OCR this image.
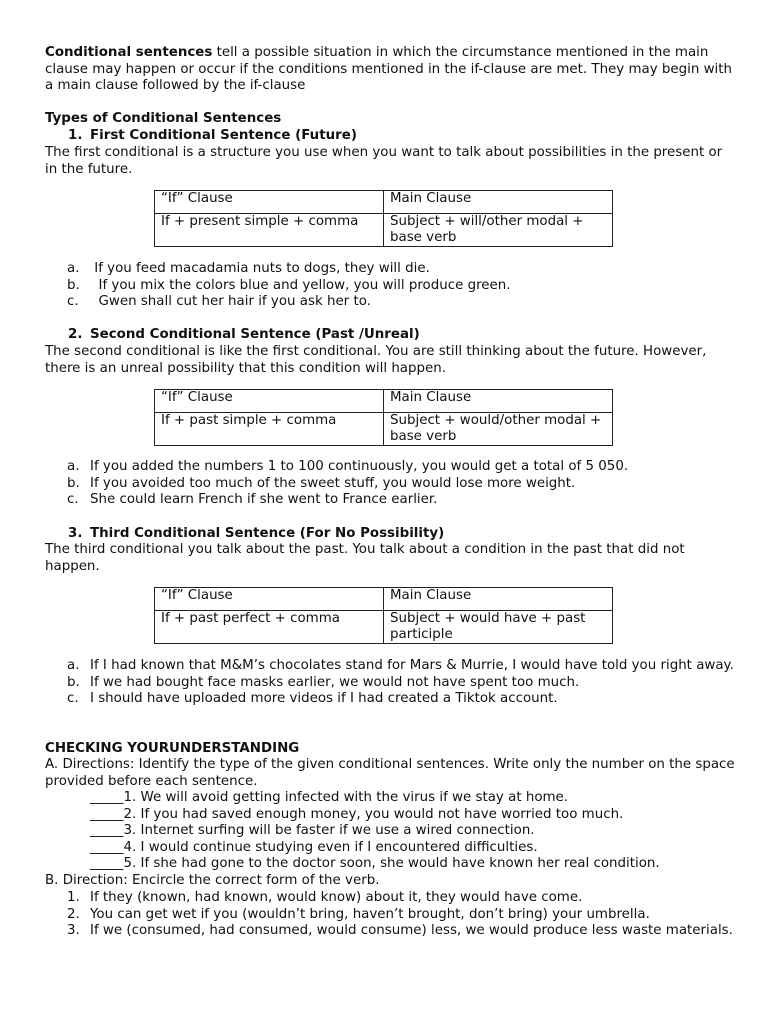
Conditional sentences tell a possible situation in which the circumstance mentioned in the main clause may happen or occur if the conditions mentioned in the if-clause are met. They may begin with a main clause followed by the if-clause

Types of Conditional Sentences
1. First Conditional Sentence (Future)
The first conditional is a structure you use when you want to talk about possibilities in the present or in the future.
“If” Clause	Main Clause
If + present simple + comma	Subject + will/other modal + base verb
a. If you feed macadamia nuts to dogs, they will die.
b. If you mix the colors blue and yellow, you will produce green.
c. Gwen shall cut her hair if you ask her to.
2. Second Conditional Sentence (Past /Unreal)
The second conditional is like the first conditional. You are still thinking about the future. However, there is an unreal possibility that this condition will happen.
“If” Clause	Main Clause
If + past simple + comma	Subject + would/other modal + base verb
a. If you added the numbers 1 to 100 continuously, you would get a total of 5 050.
b. If you avoided too much of the sweet stuff, you would lose more weight.
c. She could learn French if she went to France earlier.
3. Third Conditional Sentence (For No Possibility)
The third conditional you talk about the past. You talk about a condition in the past that did not happen.
“If” Clause	Main Clause
If + past perfect + comma	Subject + would have + past participle
a. If I had known that M&M’s chocolates stand for Mars & Murrie, I would have told you right away.
b. If we had bought face masks earlier, we would not have spent too much.
c. I should have uploaded more videos if I had created a Tiktok account.
CHECKING YOURUNDERSTANDING
A. Directions: Identify the type of the given conditional sentences. Write only the number on the space provided before each sentence.
_____1. We will avoid getting infected with the virus if we stay at home.
_____2. If you had saved enough money, you would not have worried too much.
_____3. Internet surfing will be faster if we use a wired connection.
_____4. I would continue studying even if I encountered difficulties.
_____5. If she had gone to the doctor soon, she would have known her real condition.
B. Direction: Encircle the correct form of the verb.
1. If they (known, had known, would know) about it, they would have come.
2. You can get wet if you (wouldn’t bring, haven’t brought, don’t bring) your umbrella.
3. If we (consumed, had consumed, would consume) less, we would produce less waste materials.
